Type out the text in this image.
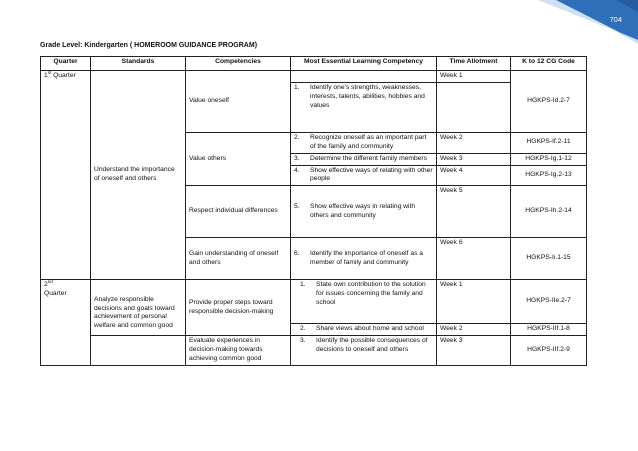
704
Grade Level: Kindergarten ( HOMEROOM GUIDANCE PROGRAM)
Quarter	Standards	Competencies	Most Essential Learning Competency	Time Allotment	K to 12 CG Code
1st Quarter	Understand the importance of oneself and others	Value oneself		Week 1	HGKPS-Id.2-7

			1. Identify one's strengths, weaknesses, interests, talents, abilities, hobbies and values		

		Value others	2. Recognize oneself as an important part of the family and community	Week 2	HGKPS-If.2-11

			3. Determine the different family members	Week 3	HGKPS-Ig.1-12

			4. Show effective ways of relating with other people	Week 4	HGKPS-Ig.2-13
		Respect individual differences	5. Show effective ways in relating with others and community	Week 5	HGKPS-Ih.2-14
		Gain understanding of oneself and others	6. Identify the importance of oneself as a member of family and community	Week 6	HGKPS-Ii.1-15
2nd
Quarter	Analyze responsible decisions and goals toward achievement of personal welfare and common good	Provide proper steps toward responsible decision-making	1. State own contribution to the solution for issues concerning the family and school	Week 1	HGKPS-IIe.2-7

			2. Share views about home and school	Week 2	HGKPS-IIf.1-8
		Evaluate experiences in decision-making towards achieving common good	3. Identify the possible consequences of decisions to oneself and others	Week 3	HGKPS-IIf.2-9
